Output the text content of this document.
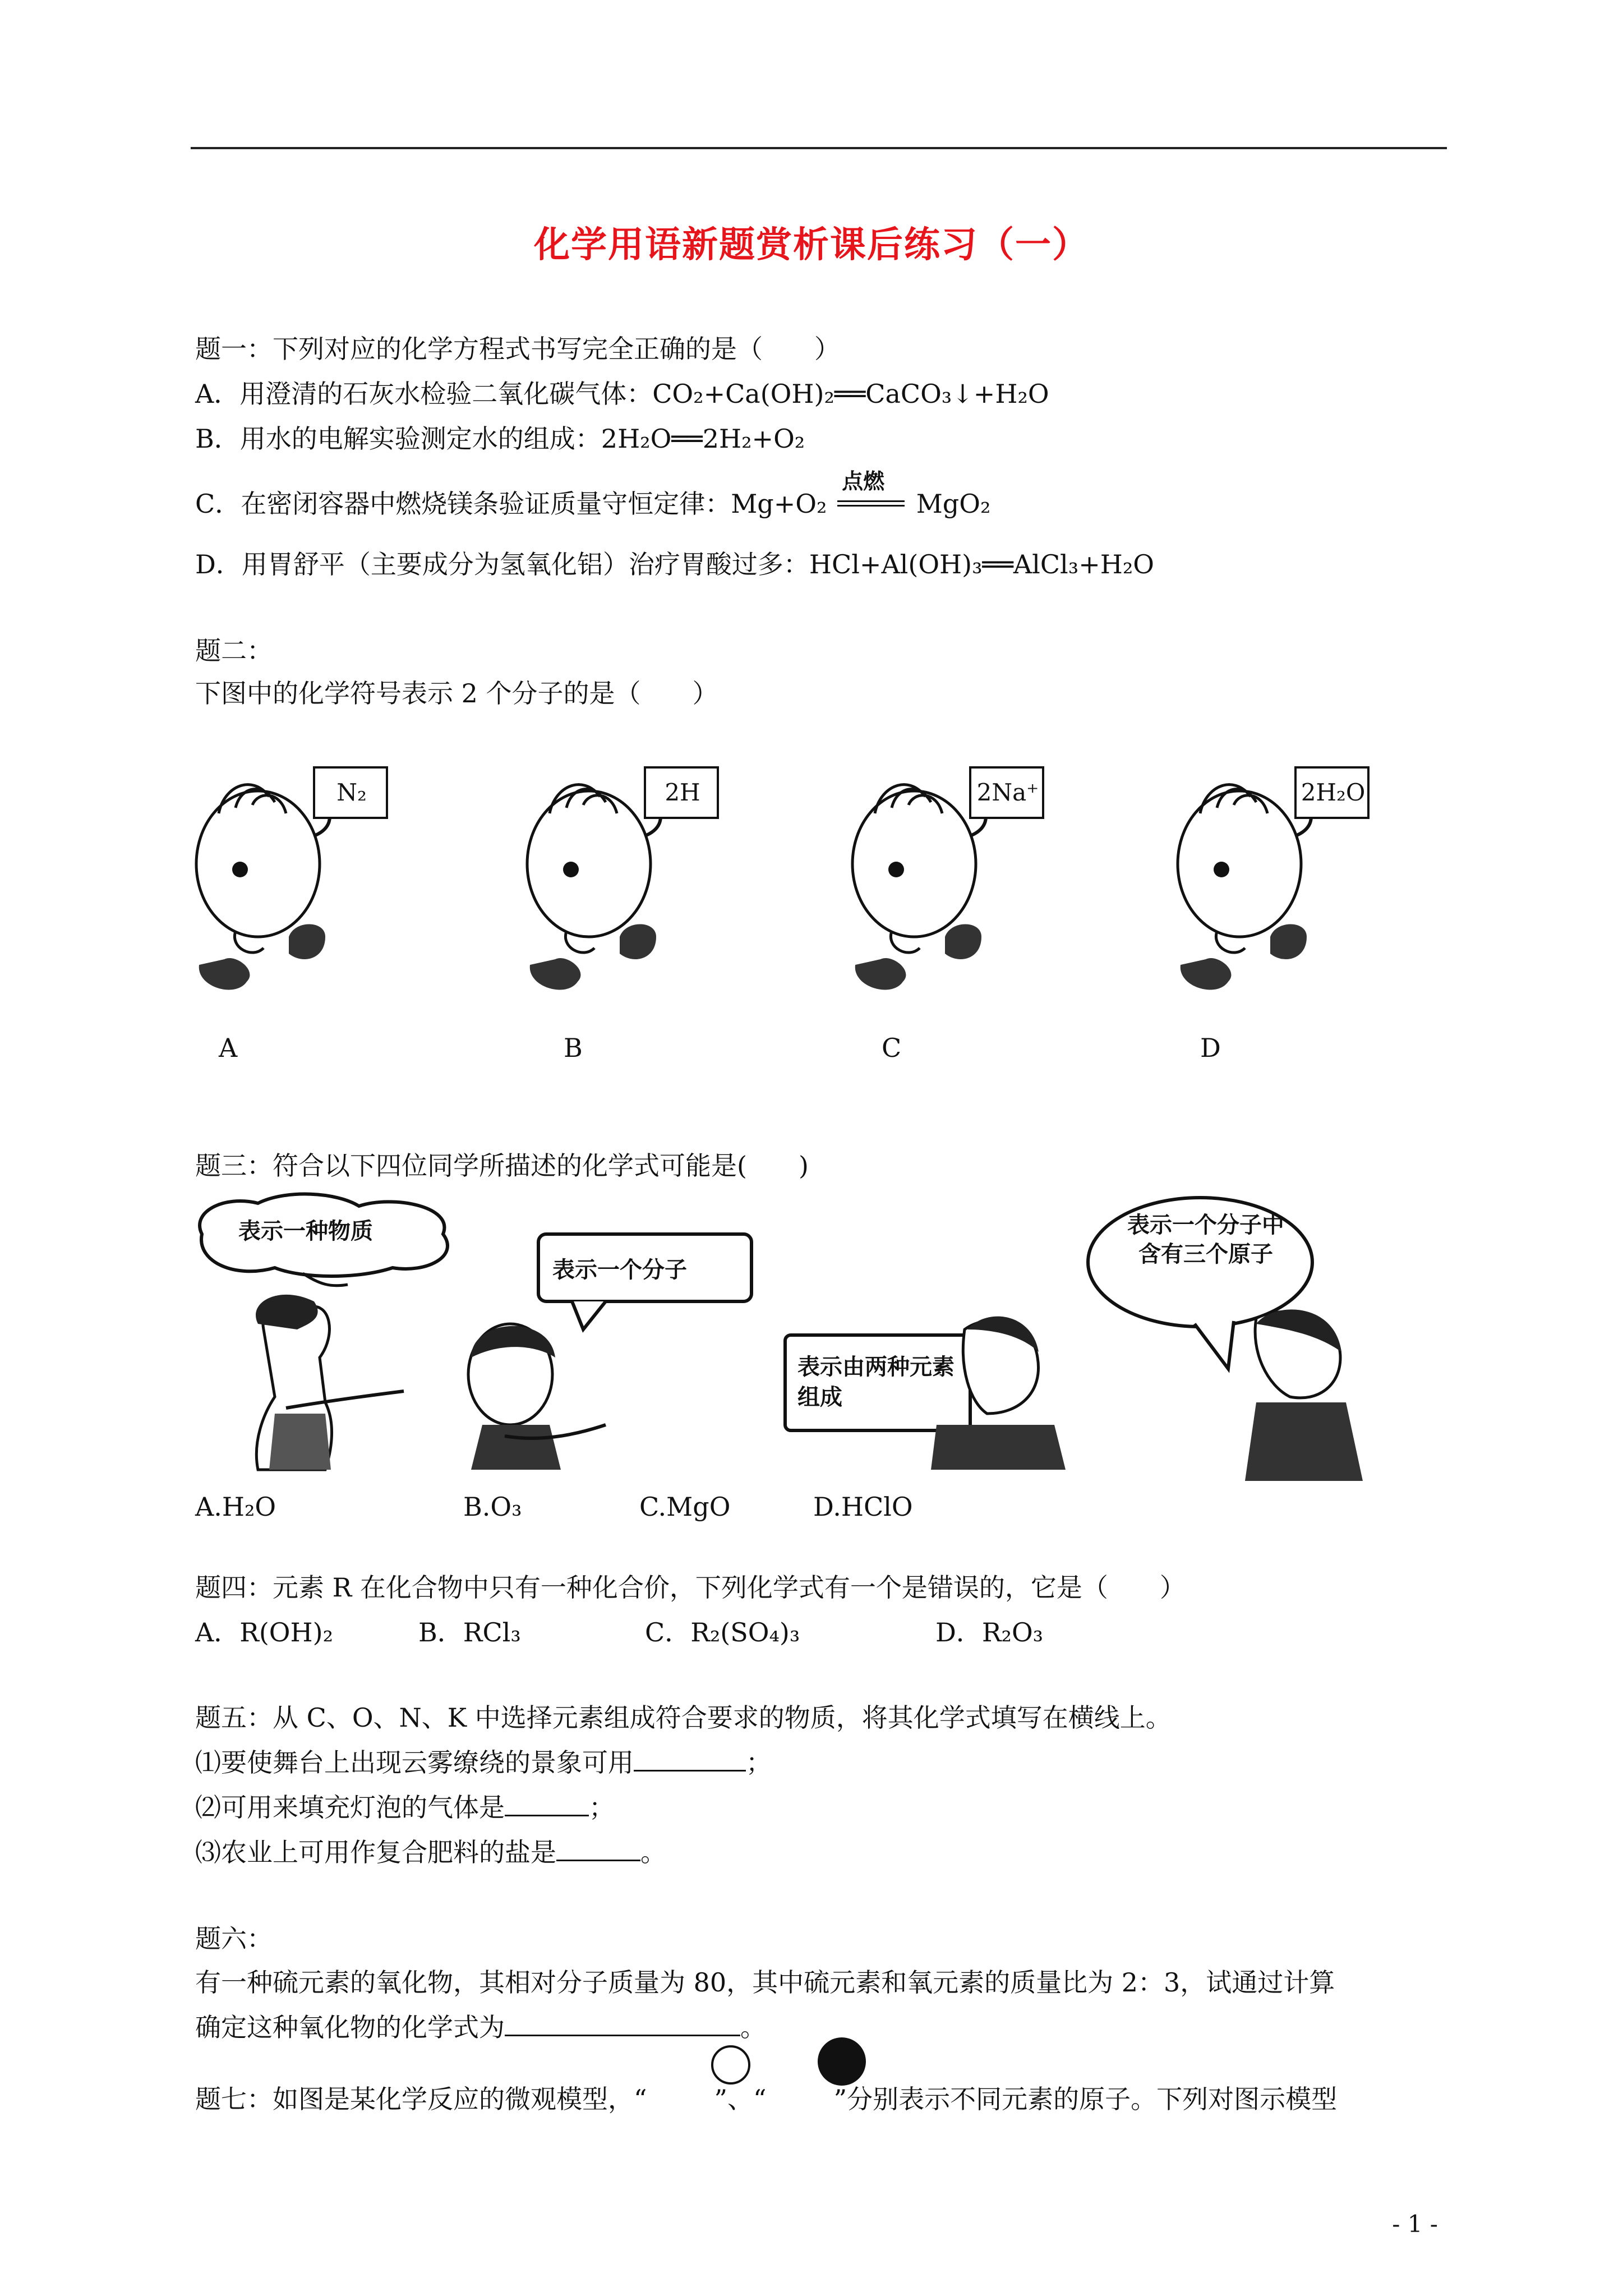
化学用语新题赏析课后练习（一）
题一：下列对应的化学方程式书写完全正确的是（　　）
A．用澄清的石灰水检验二氧化碳气体：CO₂+Ca(OH)₂══CaCO₃↓+H₂O
B．用水的电解实验测定水的组成：2H₂O══2H₂+O₂
C．在密闭容器中燃烧镁条验证质量守恒定律：Mg+O₂
点燃
MgO₂
D．用胃舒平（主要成分为氢氧化铝）治疗胃酸过多：HCl+Al(OH)₃══AlCl₃+H₂O
题二：
下图中的化学符号表示 2 个分子的是（　　）
N₂	2H	2Na⁺	2H₂O
A	B	C	D
题三：符合以下四位同学所描述的化学式可能是(　　)
表示一种物质
表示一个分子
表示由两种元素组成
表示一个分子中含有三个原子
A.H₂O	B.O₃	C.MgO	D.HClO
题四：元素 R 在化合物中只有一种化合价，下列化学式有一个是错误的，它是（　　）
A．R(OH)₂	B．RCl₃	C．R₂(SO₄)₃	D．R₂O₃
题五：从 C、O、N、K 中选择元素组成符合要求的物质，将其化学式填写在横线上。
⑴要使舞台上出现云雾缭绕的景象可用	；
⑵可用来填充灯泡的气体是	；
⑶农业上可用作复合肥料的盐是	。
题六：
有一种硫元素的氧化物，其相对分子质量为 80，其中硫元素和氧元素的质量比为 2：3，试通过计算
确定这种氧化物的化学式为	。
题七：如图是某化学反应的微观模型，“	”、“	”分别表示不同元素的原子。下列对图示模型
- 1 -
